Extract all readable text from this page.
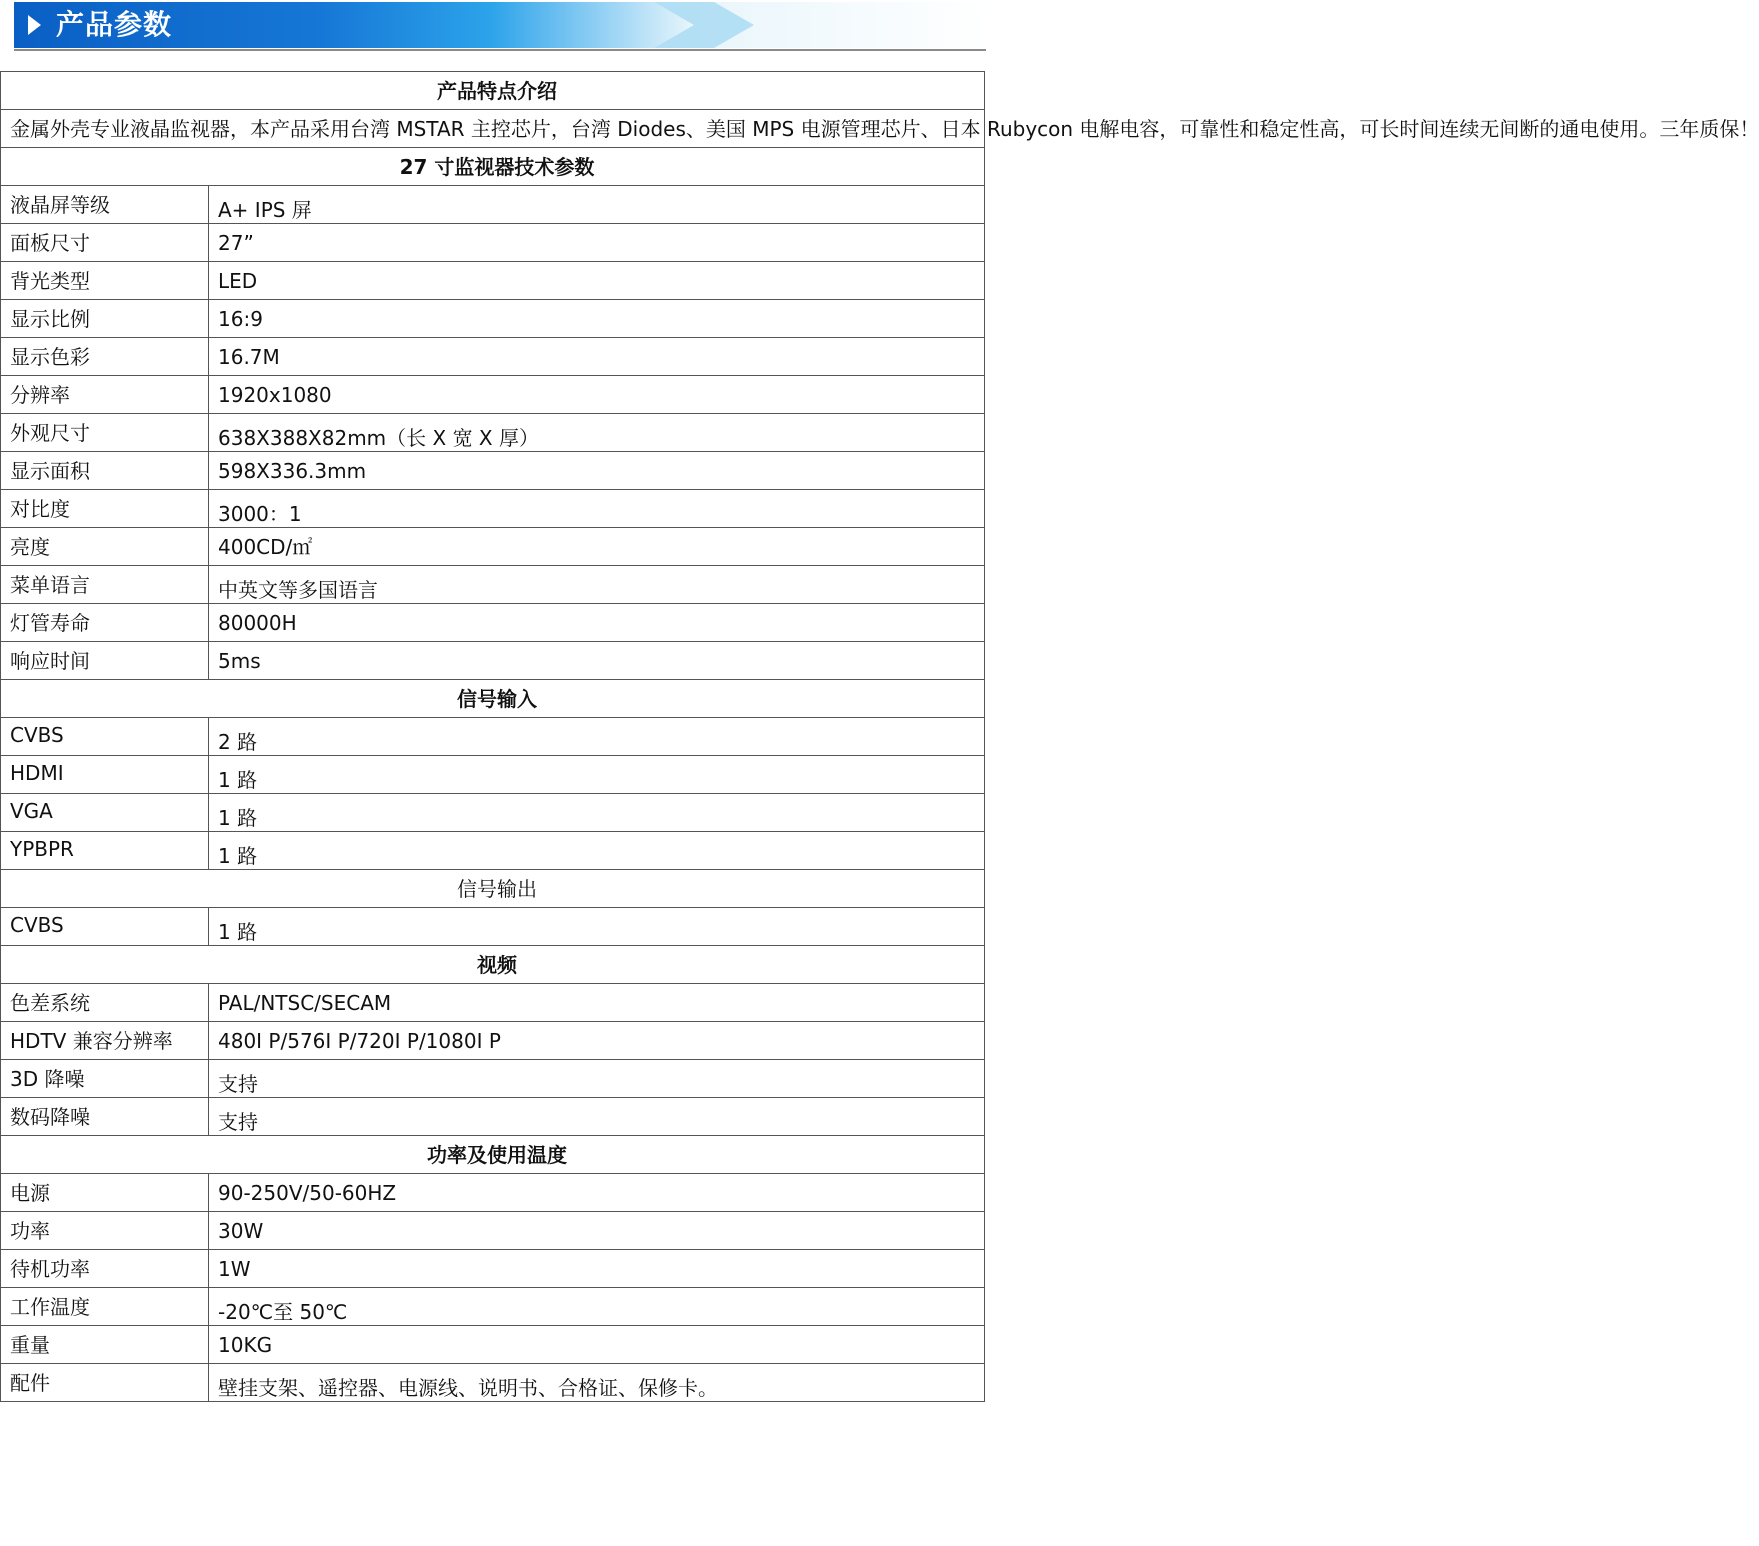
产品参数
产品特点介绍	
金属外壳专业液晶监视器，本产品采用台湾 MSTAR 主控芯片，台湾 Diodes、美国 MPS 电源管理芯片、日本 Rubycon 电解电容，可靠性和稳定性高，可长时间连续无间断的通电使用。三年质保！	
27 寸监视器技术参数	
液晶屏等级	A+ IPS 屏
面板尺寸	27”
背光类型	LED
显示比例	16:9
显示色彩	16.7M
分辨率	1920x1080
外观尺寸	638X388X82mm（长 X 宽 X 厚）
显示面积	598X336.3mm
对比度	3000：1
亮度	400CD/㎡
菜单语言	中英文等多国语言
灯管寿命	80000H
响应时间	5ms
信号输入	
CVBS	2 路
HDMI	1 路
VGA	1 路
YPBPR	1 路
信号输出	
CVBS	1 路
视频	
色差系统	PAL/NTSC/SECAM
HDTV 兼容分辨率	480I P/576I P/720I P/1080I P
3D 降噪	支持
数码降噪	支持
功率及使用温度	
电源	90-250V/50-60HZ
功率	30W
待机功率	1W
工作温度	-20℃至 50℃
重量	10KG
配件	壁挂支架、遥控器、电源线、说明书、合格证、保修卡。
